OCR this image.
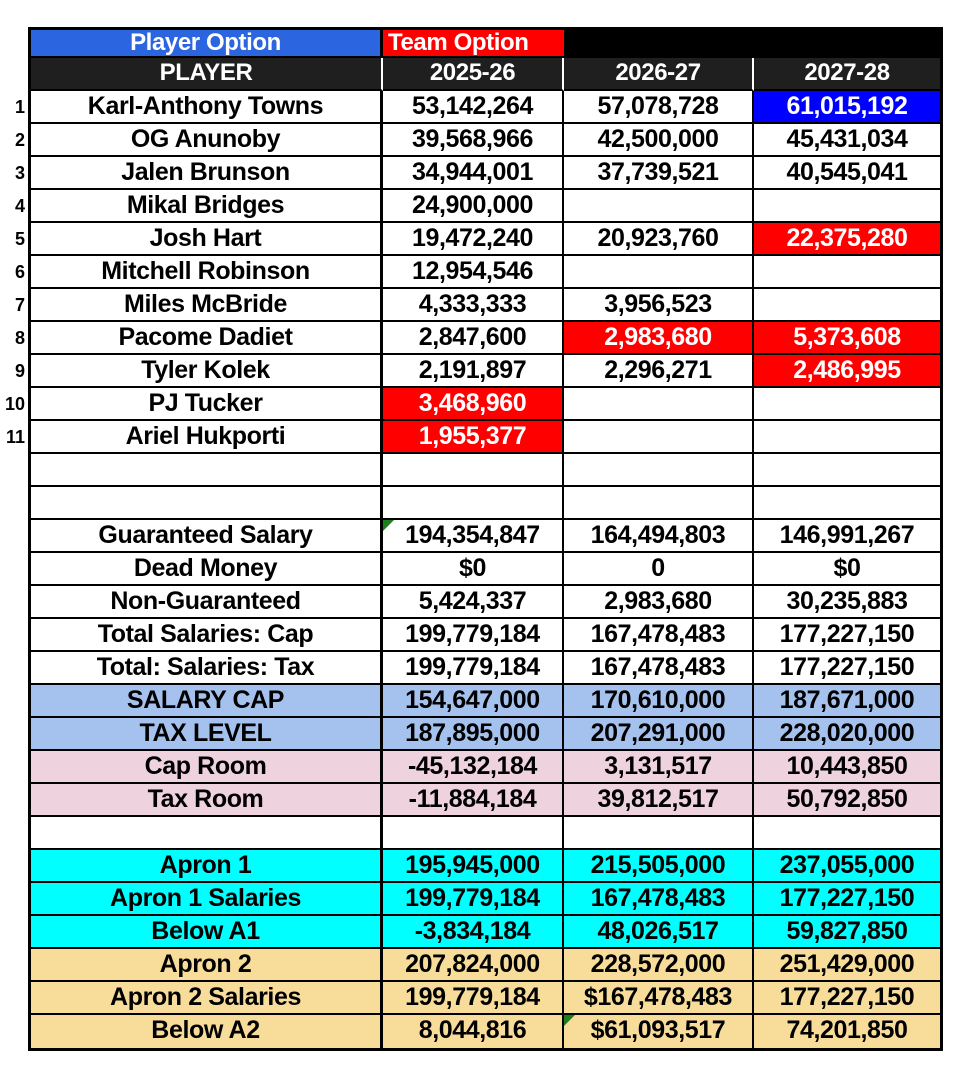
Player Option	Team Option
PLAYER	2025-26	2026-27	2027-28
Karl-Anthony Towns	53,142,264	57,078,728	61,015,192
OG Anunoby	39,568,966	42,500,000	45,431,034
Jalen Brunson	34,944,001	37,739,521	40,545,041
Mikal Bridges	24,900,000
Josh Hart	19,472,240	20,923,760	22,375,280
Mitchell Robinson	12,954,546
Miles McBride	4,333,333	3,956,523
Pacome Dadiet	2,847,600	2,983,680	5,373,608
Tyler Kolek	2,191,897	2,296,271	2,486,995
PJ Tucker	3,468,960
Ariel Hukporti	1,955,377
Guaranteed Salary	194,354,847	164,494,803	146,991,267
Dead Money	$0	0	$0
Non-Guaranteed	5,424,337	2,983,680	30,235,883
Total Salaries: Cap	199,779,184	167,478,483	177,227,150
Total: Salaries: Tax	199,779,184	167,478,483	177,227,150
SALARY CAP	154,647,000	170,610,000	187,671,000
TAX LEVEL	187,895,000	207,291,000	228,020,000
Cap Room	-45,132,184	3,131,517	10,443,850
Tax Room	-11,884,184	39,812,517	50,792,850
Apron 1	195,945,000	215,505,000	237,055,000
Apron 1 Salaries	199,779,184	167,478,483	177,227,150
Below A1	-3,834,184	48,026,517	59,827,850
Apron 2	207,824,000	228,572,000	251,429,000
Apron 2 Salaries	199,779,184	$167,478,483	177,227,150
Below A2	8,044,816	$61,093,517	74,201,850
1
2
3
4
5
6
7
8
9
10
11
